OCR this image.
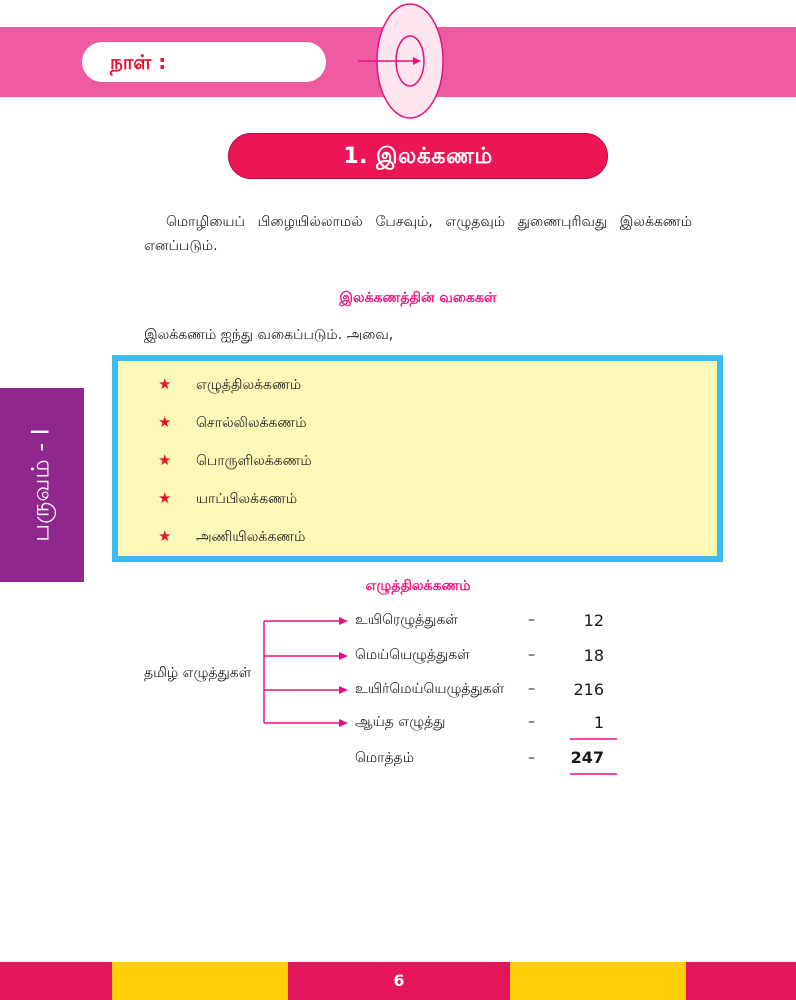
நாள் :
1. இலக்கணம்
மொழியைப் பிழையில்லாமல் பேசவும், எழுதவும் துணைபுரிவது இலக்கணம்
எனப்படும்.
இலக்கணத்தின் வகைகள்
இலக்கணம் ஐந்து வகைப்படும். அவை,
★ எழுத்திலக்கணம்
★ சொல்லிலக்கணம்
★ பொருளிலக்கணம்
★ யாப்பிலக்கணம்
★ அணியிலக்கணம்
பருவம் - I
எழுத்திலக்கணம்
தமிழ் எழுத்துகள்
உயிரெழுத்துகள்	–	12
மெய்யெழுத்துகள்	–	18
உயிர்மெய்யெழுத்துகள் –	216
ஆய்த எழுத்து	–	1
மொத்தம்	–	247
6
